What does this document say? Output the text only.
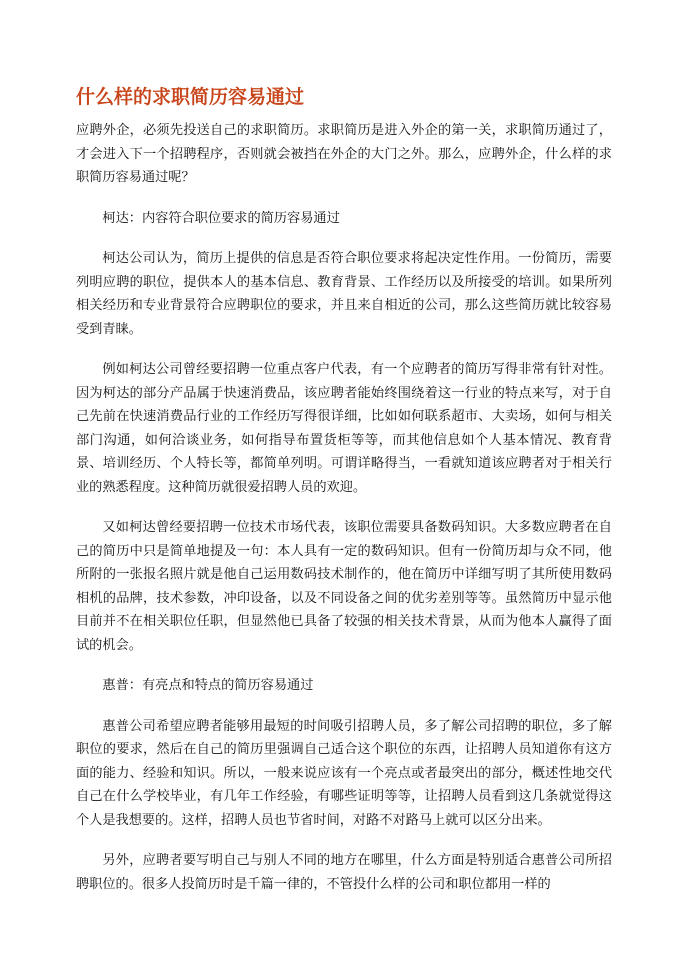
什么样的求职简历容易通过

应聘外企，必须先投送自己的求职简历。求职简历是进入外企的第一关，求职简历通过了，才会进入下一个招聘程序，否则就会被挡在外企的大门之外。那么，应聘外企，什么样的求职简历容易通过呢？

柯达：内容符合职位要求的简历容易通过

柯达公司认为，简历上提供的信息是否符合职位要求将起决定性作用。一份简历，需要列明应聘的职位，提供本人的基本信息、教育背景、工作经历以及所接受的培训。如果所列相关经历和专业背景符合应聘职位的要求，并且来自相近的公司，那么这些简历就比较容易受到青睐。

例如柯达公司曾经要招聘一位重点客户代表，有一个应聘者的简历写得非常有针对性。因为柯达的部分产品属于快速消费品，该应聘者能始终围绕着这一行业的特点来写，对于自己先前在快速消费品行业的工作经历写得很详细，比如如何联系超市、大卖场，如何与相关部门沟通，如何洽谈业务，如何指导布置货柜等等，而其他信息如个人基本情况、教育背景、培训经历、个人特长等，都简单列明。可谓详略得当，一看就知道该应聘者对于相关行业的熟悉程度。这种简历就很爱招聘人员的欢迎。

又如柯达曾经要招聘一位技术市场代表，该职位需要具备数码知识。大多数应聘者在自己的简历中只是简单地提及一句：本人具有一定的数码知识。但有一份简历却与众不同，他所附的一张报名照片就是他自己运用数码技术制作的，他在简历中详细写明了其所使用数码相机的品牌，技术参数，冲印设备，以及不同设备之间的优劣差别等等。虽然简历中显示他目前并不在相关职位任职，但显然他已具备了较强的相关技术背景，从而为他本人赢得了面试的机会。

惠普：有亮点和特点的简历容易通过

惠普公司希望应聘者能够用最短的时间吸引招聘人员，多了解公司招聘的职位，多了解职位的要求，然后在自己的简历里强调自己适合这个职位的东西，让招聘人员知道你有这方面的能力、经验和知识。所以，一般来说应该有一个亮点或者最突出的部分，概述性地交代自己在什么学校毕业，有几年工作经验，有哪些证明等等，让招聘人员看到这几条就觉得这个人是我想要的。这样，招聘人员也节省时间，对路不对路马上就可以区分出来。

另外，应聘者要写明自己与别人不同的地方在哪里，什么方面是特别适合惠普公司所招聘职位的。很多人投简历时是千篇一律的，不管投什么样的公司和职位都用一样的
